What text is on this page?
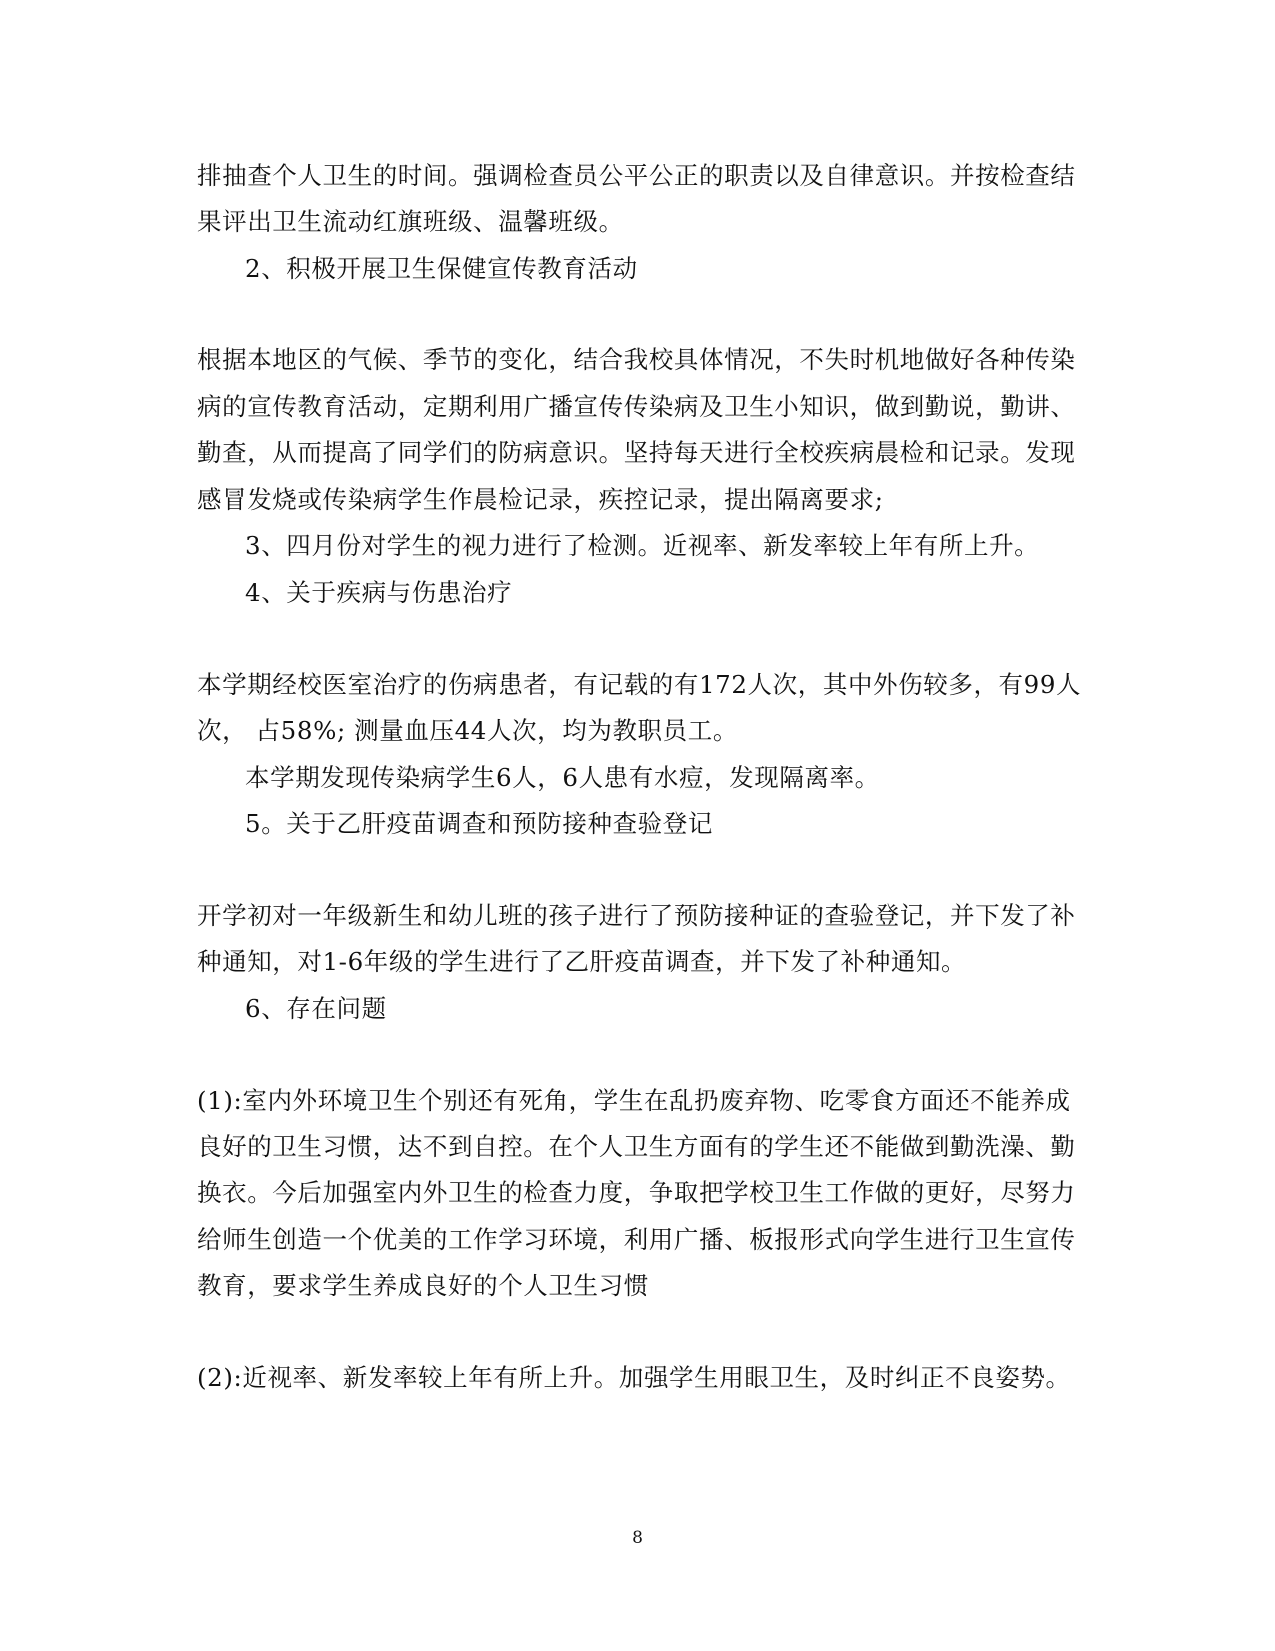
排抽查个人卫生的时间。强调检查员公平公正的职责以及自律意识。并按检查结
果评出卫生流动红旗班级、温馨班级。
2、积极开展卫生保健宣传教育活动
根据本地区的气候、季节的变化，结合我校具体情况，不失时机地做好各种传染
病的宣传教育活动，定期利用广播宣传传染病及卫生小知识，做到勤说，勤讲、
勤查，从而提高了同学们的防病意识。坚持每天进行全校疾病晨检和记录。发现
感冒发烧或传染病学生作晨检记录，疾控记录，提出隔离要求;
3、四月份对学生的视力进行了检测。近视率、新发率较上年有所上升。
4、关于疾病与伤患治疗
本学期经校医室治疗的伤病患者，有记载的有172人次，其中外伤较多，有99人
次， 占58%; 测量血压44人次，均为教职员工。
本学期发现传染病学生6人，6人患有水痘，发现隔离率。
5。关于乙肝疫苗调查和预防接种查验登记
开学初对一年级新生和幼儿班的孩子进行了预防接种证的查验登记，并下发了补
种通知，对1-6年级的学生进行了乙肝疫苗调查，并下发了补种通知。
6、存在问题
(1):室内外环境卫生个别还有死角，学生在乱扔废弃物、吃零食方面还不能养成
良好的卫生习惯，达不到自控。在个人卫生方面有的学生还不能做到勤洗澡、勤
换衣。今后加强室内外卫生的检查力度，争取把学校卫生工作做的更好，尽努力
给师生创造一个优美的工作学习环境，利用广播、板报形式向学生进行卫生宣传
教育，要求学生养成良好的个人卫生习惯
(2):近视率、新发率较上年有所上升。加强学生用眼卫生，及时纠正不良姿势。
8
